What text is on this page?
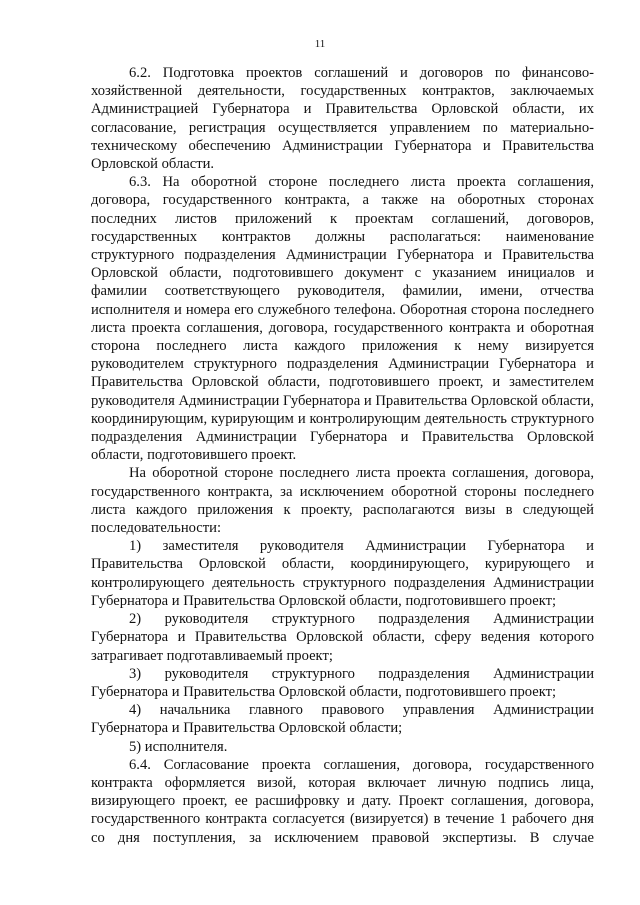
11

6.2. Подготовка проектов соглашений и договоров по финансово-хозяйственной деятельности, государственных контрактов, заключаемых Администрацией Губернатора и Правительства Орловской области, их согласование, регистрация осуществляется управлением по материально-техническому обеспечению Администрации Губернатора и Правительства Орловской области.

6.3. На оборотной стороне последнего листа проекта соглашения, договора, государственного контракта, а также на оборотных сторонах последних листов приложений к проектам соглашений, договоров, государственных контрактов должны располагаться: наименование структурного подразделения Администрации Губернатора и Правительства Орловской области, подготовившего документ с указанием инициалов и фамилии соответствующего руководителя, фамилии, имени, отчества исполнителя и номера его служебного телефона. Оборотная сторона последнего листа проекта соглашения, договора, государственного контракта и оборотная сторона последнего листа каждого приложения к нему визируется руководителем структурного подразделения Администрации Губернатора и Правительства Орловской области, подготовившего проект, и заместителем руководителя Администрации Губернатора и Правительства Орловской области, координирующим, курирующим и контролирующим деятельность структурного подразделения Администрации Губернатора и Правительства Орловской области, подготовившего проект.

На оборотной стороне последнего листа проекта соглашения, договора, государственного контракта, за исключением оборотной стороны последнего листа каждого приложения к проекту, располагаются визы в следующей последовательности:

1) заместителя руководителя Администрации Губернатора и Правительства Орловской области, координирующего, курирующего и контролирующего деятельность структурного подразделения Администрации Губернатора и Правительства Орловской области, подготовившего проект;

2) руководителя структурного подразделения Администрации Губернатора и Правительства Орловской области, сферу ведения которого затрагивает подготавливаемый проект;

3) руководителя структурного подразделения Администрации Губернатора и Правительства Орловской области, подготовившего проект;

4) начальника главного правового управления Администрации Губернатора и Правительства Орловской области;

5) исполнителя.

6.4. Согласование проекта соглашения, договора, государственного контракта оформляется визой, которая включает личную подпись лица, визирующего проект, ее расшифровку и дату. Проект соглашения, договора, государственного контракта согласуется (визируется) в течение 1 рабочего дня со дня поступления, за исключением правовой экспертизы. В случае
